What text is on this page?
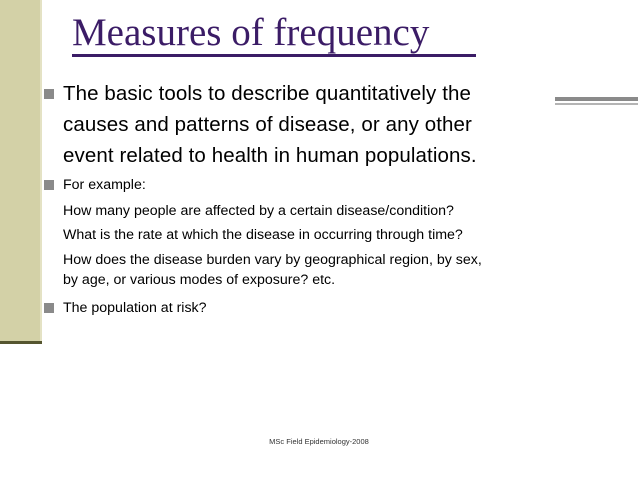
Measures of frequency
The basic tools to describe quantitatively the
causes and patterns of disease, or any other
event related to health in human populations.
For example:
How many people are affected by a certain disease/condition?
What is the rate at which the disease in occurring through time?
How does the disease burden vary by geographical region, by sex,
by age, or various modes of exposure? etc.
The population at risk?
MSc Field Epidemiology-2008
